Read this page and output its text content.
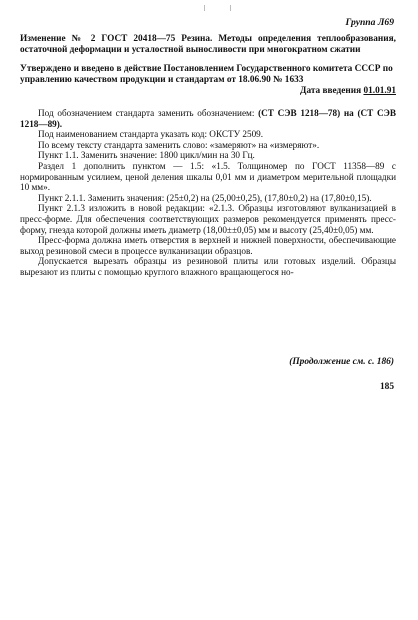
ǀ	ǀ
Группа Л69
Изменение № 2 ГОСТ 20418—75 Резина. Методы определения теплообразования, остаточной деформации и усталостной выносливости при многократном сжатии
Утверждено и введено в действие Постановлением Государственного комитета СССР по управлению качеством продукции и стандартам от 18.06.90 № 1633
Дата введения 01.01.91

Под обозначением стандарта заменить обозначением: (СТ СЭВ 1218—78) на (СТ СЭВ 1218—89).

Под наименованием стандарта указать код: ОКСТУ 2509.

По всему тексту стандарта заменить слово: «замеряют» на «измеряют».

Пункт 1.1. Заменить значение: 1800 цикл/мин на 30 Гц.

Раздел 1 дополнить пунктом — 1.5: «1.5. Толщиномер по ГОСТ 11358—89 с нормированным усилием, ценой деления шкалы 0,01 мм и диаметром мерительной площадки 10 мм».

Пункт 2.1.1. Заменить значения: (25±0,2) на (25,00±0,25), (17,80±0,2) на (17,80±0,15).

Пункт 2.1.3 изложить в новой редакции: «2.1.3. Образцы изготовляют вулканизацией в пресс-форме. Для обеспечения соответствующих размеров рекомендуется применять пресс-форму, гнезда которой должны иметь диаметр (18,00±±0,05) мм и высоту (25,40±0,05) мм.

Пресс-форма должна иметь отверстия в верхней и нижней поверхности, обеспечивающие выход резиновой смеси в процессе вулканизации образцов.

Допускается вырезать образцы из резиновой плиты или готовых изделий. Образцы вырезают из плиты с помощью круглого влажного вращающегося но-

(Продолжение см. с. 186)
185
